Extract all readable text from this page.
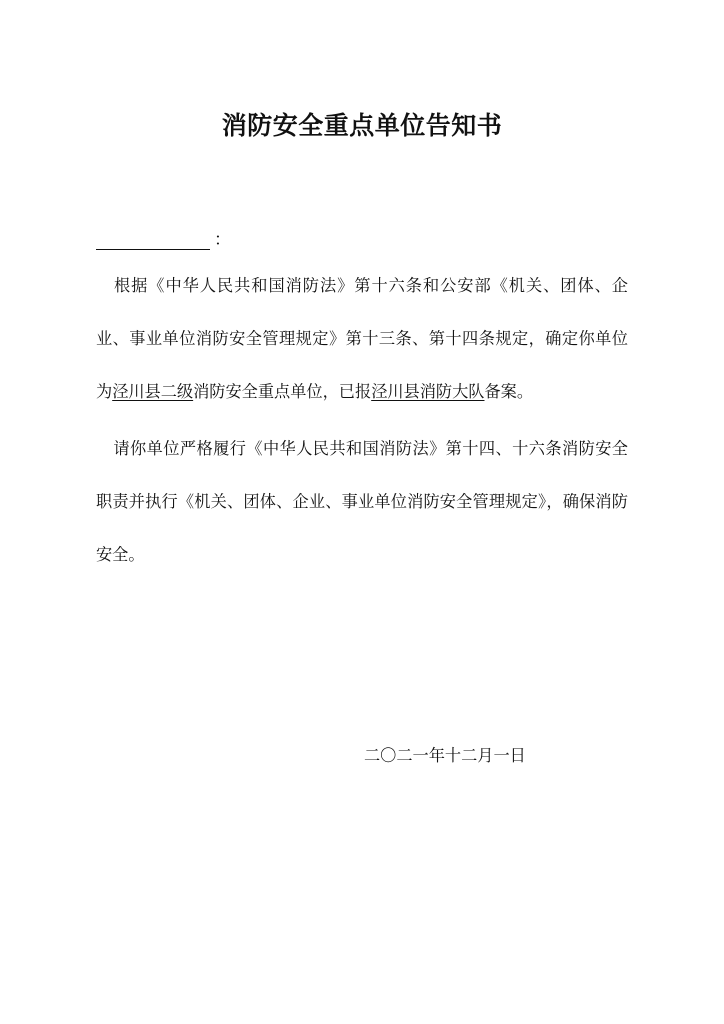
消防安全重点单位告知书
：
根据《中华人民共和国消防法》第十六条和公安部《机关、团体、企业、事业单位消防安全管理规定》第十三条、第十四条规定，确定你单位为泾川县二级消防安全重点单位，已报泾川县消防大队备案。
请你单位严格履行《中华人民共和国消防法》第十四、十六条消防安全职责并执行《机关、团体、企业、事业单位消防安全管理规定》，确保消防安全。
二〇二一年十二月一日
